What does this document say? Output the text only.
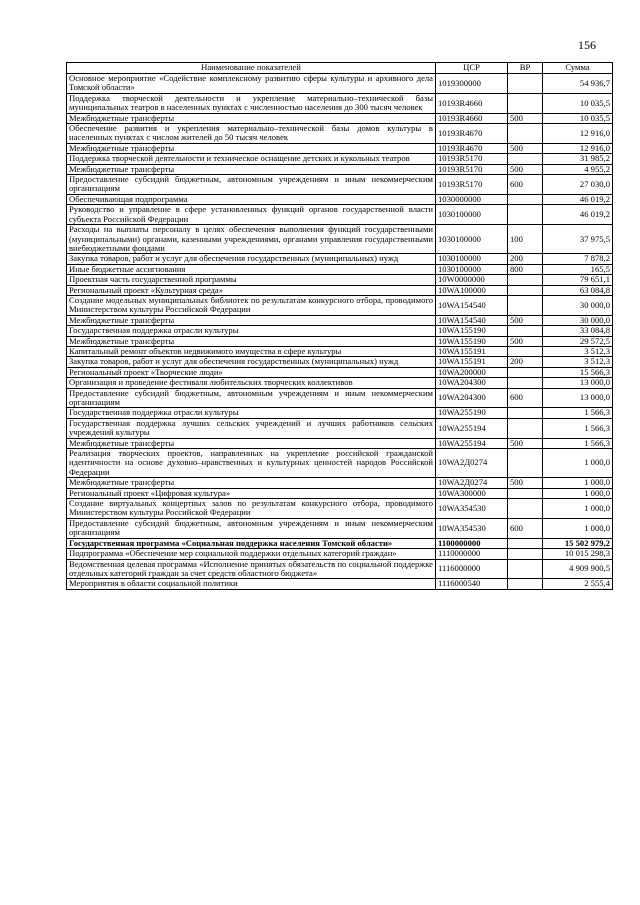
156
Наименование показателей	ЦСР	ВР	Сумма
Основное мероприятие «Содействие комплексному развитию сферы культуры и архивного дела Томской области»	1019300000		54 936,7
Поддержка творческой деятельности и укрепление материально–технической базы муниципальных театров в населенных пунктах с численностью населения до 300 тысяч человек	10193R4660		10 035,5
Межбюджетные трансферты	10193R4660	500	10 035,5
Обеспечение развития и укрепления материально–технической базы домов культуры в населенных пунктах с числом жителей до 50 тысяч человек	10193R4670		12 916,0
Межбюджетные трансферты	10193R4670	500	12 916,0
Поддержка творческой деятельности и техническое оснащение детских и кукольных театров	10193R5170		31 985,2
Межбюджетные трансферты	10193R5170	500	4 955,2
Предоставление субсидий бюджетным, автономным учреждениям и иным некоммерческим организациям	10193R5170	600	27 030,0
Обеспечивающая подпрограмма	1030000000		46 019,2
Руководство и управление в сфере установленных функций органов государственной власти субъекта Российской Федерации	1030100000		46 019,2
Расходы на выплаты персоналу в целях обеспечения выполнения функций государственными (муниципальными) органами, казенными учреждениями, органами управления государственными внебюджетными фондами	1030100000	100	37 975,5
Закупка товаров, работ и услуг для обеспечения государственных (муниципальных) нужд	1030100000	200	7 878,2
Иные бюджетные ассигнования	1030100000	800	165,5
Проектная часть государственной программы	10W0000000		79 651,1
Региональный проект «Культурная среда»	10WA100000		63 084,8
Создание модельных муниципальных библиотек по результатам конкурсного отбора, проводимого Министерством культуры Российской Федерации	10WA154540		30 000,0
Межбюджетные трансферты	10WA154540	500	30 000,0
Государственная поддержка отрасли культуры	10WA155190		33 084,8
Межбюджетные трансферты	10WA155190	500	29 572,5
Капитальный ремонт объектов недвижимого имущества в сфере культуры	10WA155191		3 512,3
Закупка товаров, работ и услуг для обеспечения государственных (муниципальных) нужд	10WA155191	200	3 512,3
Региональный проект «Творческие люди»	10WA200000		15 566,3
Организация и проведение фестиваля любительских творческих коллективов	10WA204300		13 000,0
Предоставление субсидий бюджетным, автономным учреждениям и иным некоммерческим организациям	10WA204300	600	13 000,0
Государственная поддержка отрасли культуры	10WA255190		1 566,3
Государственная поддержка лучших сельских учреждений и лучших работников сельских учреждений культуры	10WA255194		1 566,3
Межбюджетные трансферты	10WA255194	500	1 566,3
Реализация творческих проектов, направленных на укрепление российской гражданской идентичности на основе духовно–нравственных и культурных ценностей народов Российской Федерации	10WA2Д0274		1 000,0
Межбюджетные трансферты	10WA2Д0274	500	1 000,0
Региональный проект «Цифровая культура»	10WA300000		1 000,0
Создание виртуальных концертных залов по результатам конкурсного отбора, проводимого Министерством культуры Российской Федерации	10WA354530		1 000,0
Предоставление субсидий бюджетным, автономным учреждениям и иным некоммерческим организациям	10WA354530	600	1 000,0
Государственная программа «Социальная поддержка населения Томской области»	1100000000		15 502 979,2
Подпрограмма «Обеспечение мер социальной поддержки отдельных категорий граждан»	1110000000		10 015 298,3
Ведомственная целевая программа «Исполнение принятых обязательств по социальной поддержке отдельных категорий граждан за счет средств областного бюджета»	1116000000		4 909 900,5
Мероприятия в области социальной политики	1116000540		2 555,4
